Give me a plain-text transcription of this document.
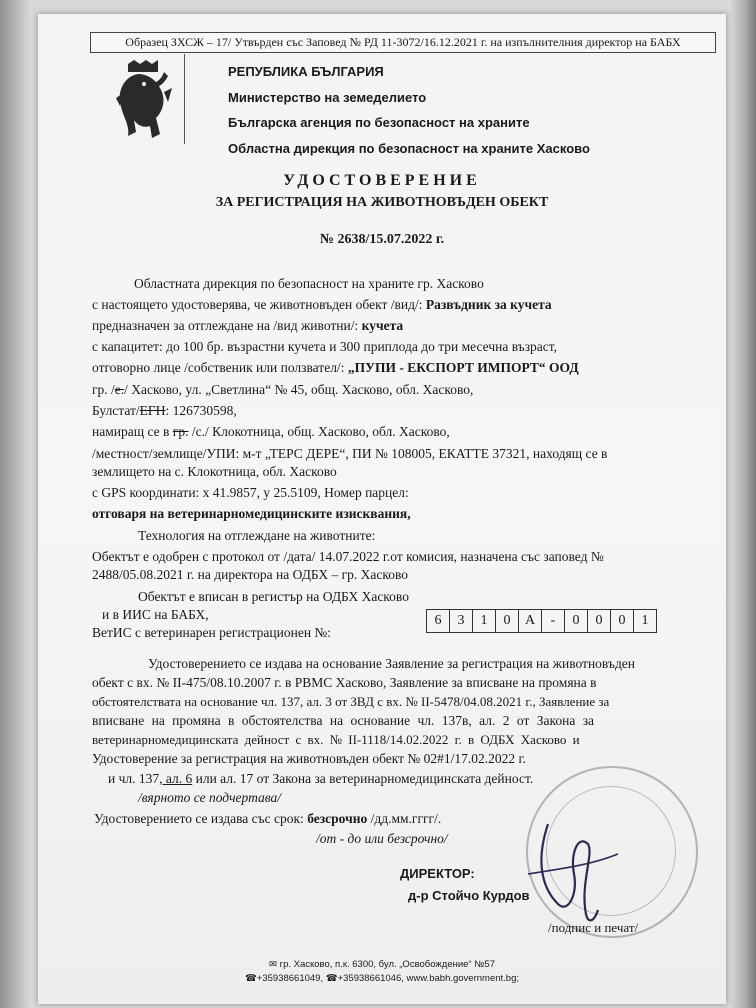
Образец ЗХСЖ – 17/ Утвърден със Заповед № РД 11-3072/16.12.2021 г. на изпълнителния директор на БАБХ
РЕПУБЛИКА БЪЛГАРИЯ
Министерство на земеделието
Българска агенция по безопасност на храните
Областна дирекция по безопасност на храните Хасково
УДОСТОВЕРЕНИЕ
ЗА РЕГИСТРАЦИЯ НА ЖИВОТНОВЪДЕН ОБЕКТ
№ 2638/15.07.2022 г.
Областната дирекция по безопасност на храните гр. Хасково
с настоящето удостоверява, че животновъден обект /вид/: Развъдник за кучета
предназначен за отглеждане на /вид животни/: кучета
с капацитет: до 100 бр. възрастни кучета и 300 приплода до три месечна възраст,
отговорно лице /собственик или ползвател/: „ПУПИ - ЕКСПОРТ ИМПОРТ“ ООД
гр. /е./ Хасково, ул. „Светлина“ № 45, общ. Хасково, обл. Хасково,
Булстат/ЕГН: 126730598,
намиращ се в гр. /с./ Клокотница, общ. Хасково, обл. Хасково,
/местност/землище/УПИ: м-т „ТЕРС ДЕРЕ“, ПИ № 108005, ЕКАТТЕ 37321, находящ се в
землището на с. Клокотница, обл. Хасково
с GPS координати: х 41.9857, у 25.5109, Номер парцел:
отговаря на ветеринарномедицинските изисквания,
Технология на отглеждане на животните:
Обектът е одобрен с протокол от /дата/ 14.07.2022 г.от комисия, назначена със заповед №
2488/05.08.2021 г. на директора на ОДБХ – гр. Хасково
Обектът е вписан в регистър на ОДБХ Хасково
и в ИИС на БАБХ,
ВетИС с ветеринарен регистрационен №:
6	3	1	0	А	-	0	0	0	1
Удостоверението се издава на основание Заявление за регистрация на животновъден
обект с вх. № II-475/08.10.2007 г. в РВМС Хасково, Заявление за вписване на промяна в
обстоятелствата на основание чл. 137, ал. 3 от ЗВД с вх. № II-5478/04.08.2021 г., Заявление за
вписване на промяна в обстоятелства на основание чл. 137в, ал. 2 от Закона за
ветеринарномедицинската дейност с вх. № II-1118/14.02.2022 г. в ОДБХ Хасково и
Удостоверение за регистрация на животновъден обект № 02#1/17.02.2022 г.
и чл. 137, ал. 6 или ал. 17 от Закона за ветеринарномедицинската дейност.
/вярното се подчертава/
Удостоверението се издава със срок: безсрочно /дд.мм.гггг/.
/от - до или безсрочно/
ДИРЕКТОР:
д-р Стойчо Курдов
/подпис и печат/
✉ гр. Хасково, п.к. 6300, бул. „Освобождение“ №57
☎+35938661049, ☎+35938661046, www.babh.government.bg;
